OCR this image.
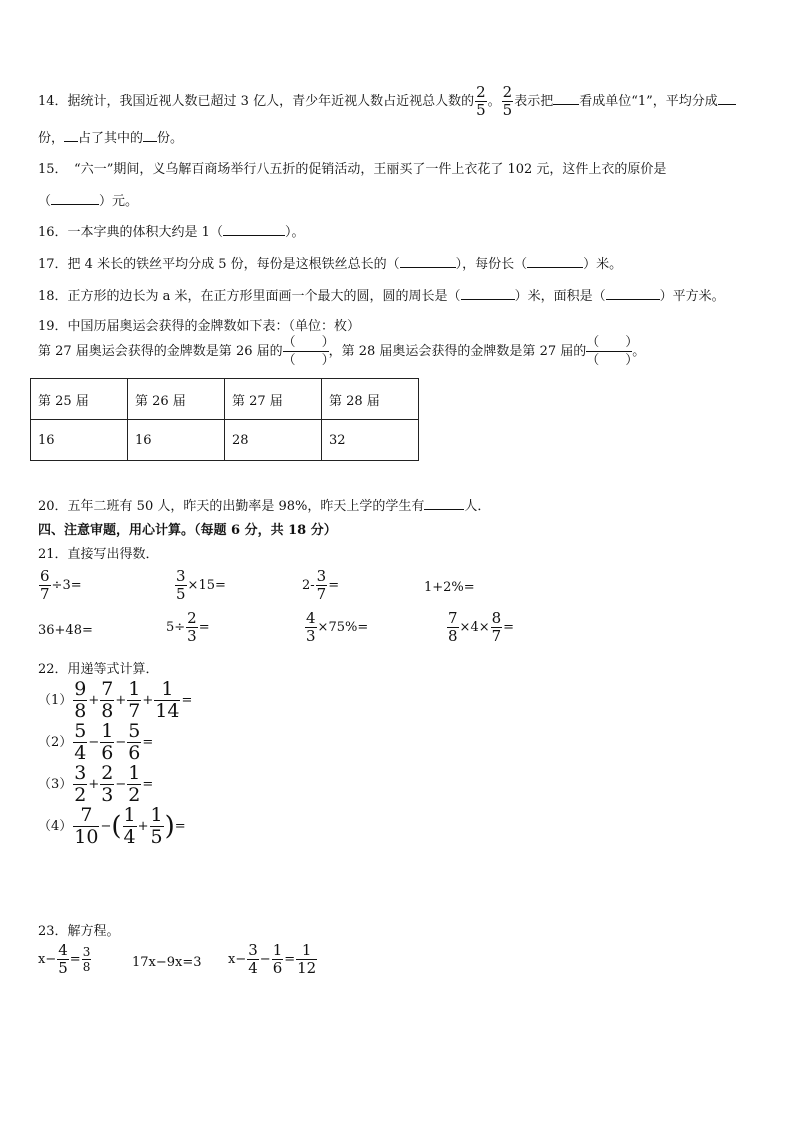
14．据统计，我国近视人数已超过 3 亿人，青少年近视人数占近视总人数的 $\frac{2}{5}$ 。 $\frac{2}{5}$ 表示把 看成单位“1”，平均分成
份， 占了其中的 份。
15．　“六一”期间，义乌解百商场举行八五折的促销活动，王丽买了一件上衣花了 102 元，这件上衣的原价是
（	）元。
16．一本字典的体积大约是 1（	）。
17．把 4 米长的铁丝平均分成 5 份，每份是这根铁丝总长的（	），每份长（	）米。
18．正方形的边长为 a 米，在正方形里面画一个最大的圆，圆的周长是（	）米，面积是（	）平方米。
19．中国历届奥运会获得的金牌数如下表：（单位：枚）
第 27 届奥运会获得的金牌数是第 26 届的$\frac{( )}{( )}$，第 28 届奥运会获得的金牌数是第 27 届的$\frac{( )}{( )}$。
第 25 届	第 26 届	第 27 届	第 28 届
16	16	28	32
20．五年二班有 50 人，昨天的出勤率是 98%，昨天上学的学生有	人．
四、注意审题，用心计算。（每题 6 分，共 18 分）
21．直接写出得数．
$\frac{6}{7} \div 3=$	$\frac{3}{5} \times 15=$	$2- \frac{3}{7}$ =	1+2%=
36+48=	$5\div \frac{2}{3}$ =	$\frac{4}{3} \times 75\%=$	$\frac{7}{8} \times 4\times \frac{8}{7}$ =
22．用递等式计算．
$(1) \frac{9}{8} + \frac{7}{8} + \frac{1}{7} + \frac{1}{14}$ =
$(2) \frac{5}{4} - \frac{1}{6} - \frac{5}{6}$ =
$(3) \frac{3}{2} + \frac{2}{3} - \frac{1}{2}$ =
$(4) \frac{7}{10}$ −( $\frac{1}{4} + \frac{1}{5}$ )=
23．解方程。
$x- \frac{4}{5} = \frac{3}{8}$	17x−9x=3 $x- \frac{3}{4} - \frac{1}{6} = \frac{1}{12}$
